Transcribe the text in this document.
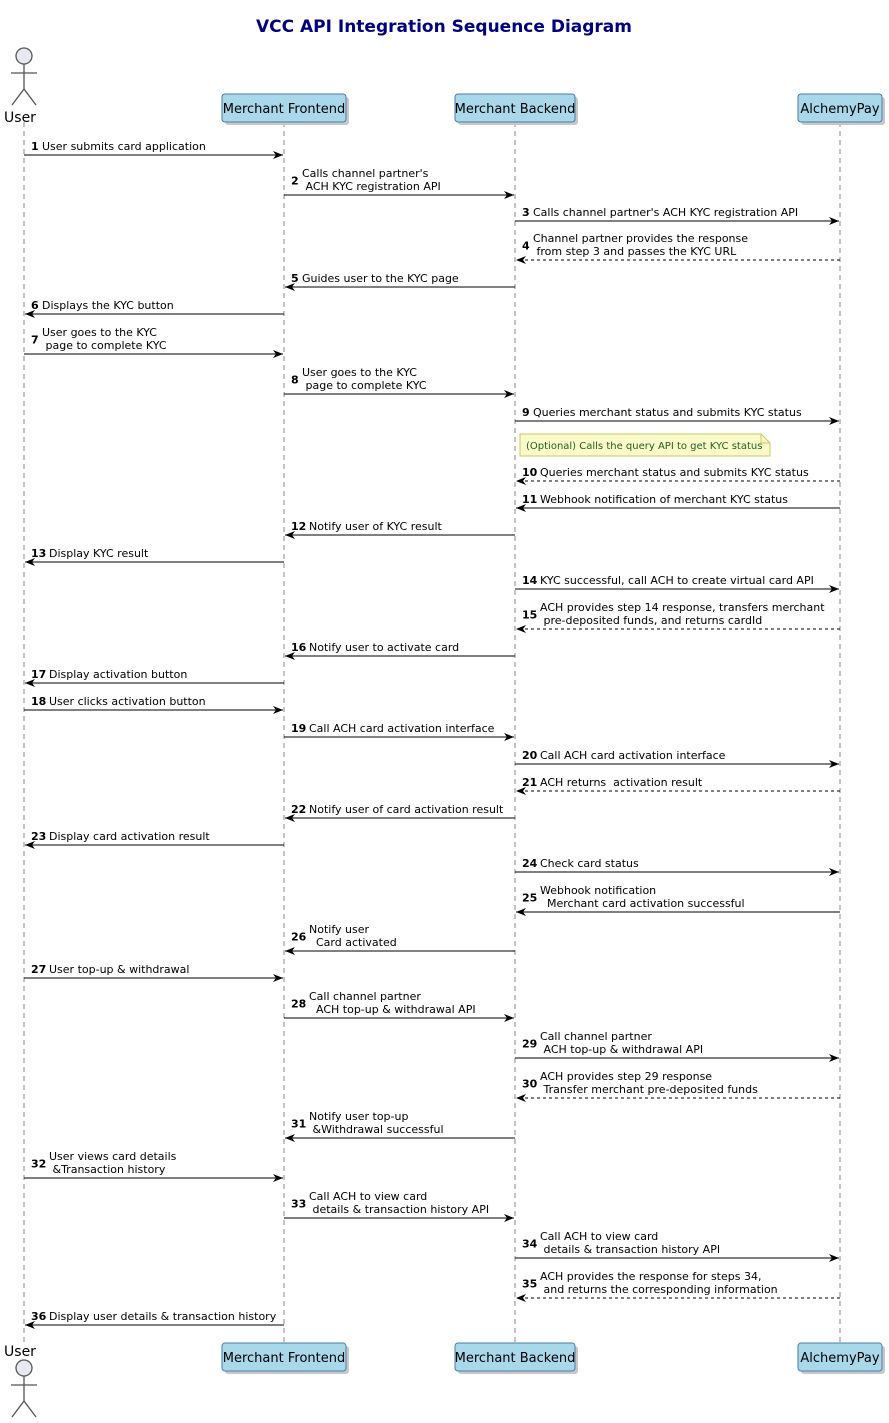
VCC API Integration Sequence Diagram
User
User
Merchant Frontend
Merchant Frontend
Merchant Backend
Merchant Backend
AlchemyPay
AlchemyPay
(Optional) Calls the query API to get KYC status
1 User submits card application
2
Calls channel partner's
ACH KYC registration API
3 Calls channel partner's ACH KYC registration API
4
Channel partner provides the response
from step 3 and passes the KYC URL
5 Guides user to the KYC page
6 Displays the KYC button
7
User goes to the KYC
page to complete KYC
8
User goes to the KYC
page to complete KYC
9 Queries merchant status and submits KYC status
10 Queries merchant status and submits KYC status
11 Webhook notification of merchant KYC status
12 Notify user of KYC result
13 Display KYC result
14 KYC successful, call ACH to create virtual card API
15
ACH provides step 14 response, transfers merchant
pre-deposited funds, and returns cardId
16 Notify user to activate card
17 Display activation button
18 User clicks activation button
19 Call ACH card activation interface
20 Call ACH card activation interface
21 ACH returns  activation result
22 Notify user of card activation result
23 Display card activation result
24 Check card status
25
Webhook notification
Merchant card activation successful
26
Notify user
Card activated
27 User top-up & withdrawal
28
Call channel partner
ACH top-up & withdrawal API
29
Call channel partner
ACH top-up & withdrawal API
30
ACH provides step 29 response
Transfer merchant pre-deposited funds
31
Notify user top-up
&Withdrawal successful
32
User views card details
&Transaction history
33
Call ACH to view card
details & transaction history API
34
Call ACH to view card
details & transaction history API
35
ACH provides the response for steps 34,
and returns the corresponding information
36 Display user details & transaction history
